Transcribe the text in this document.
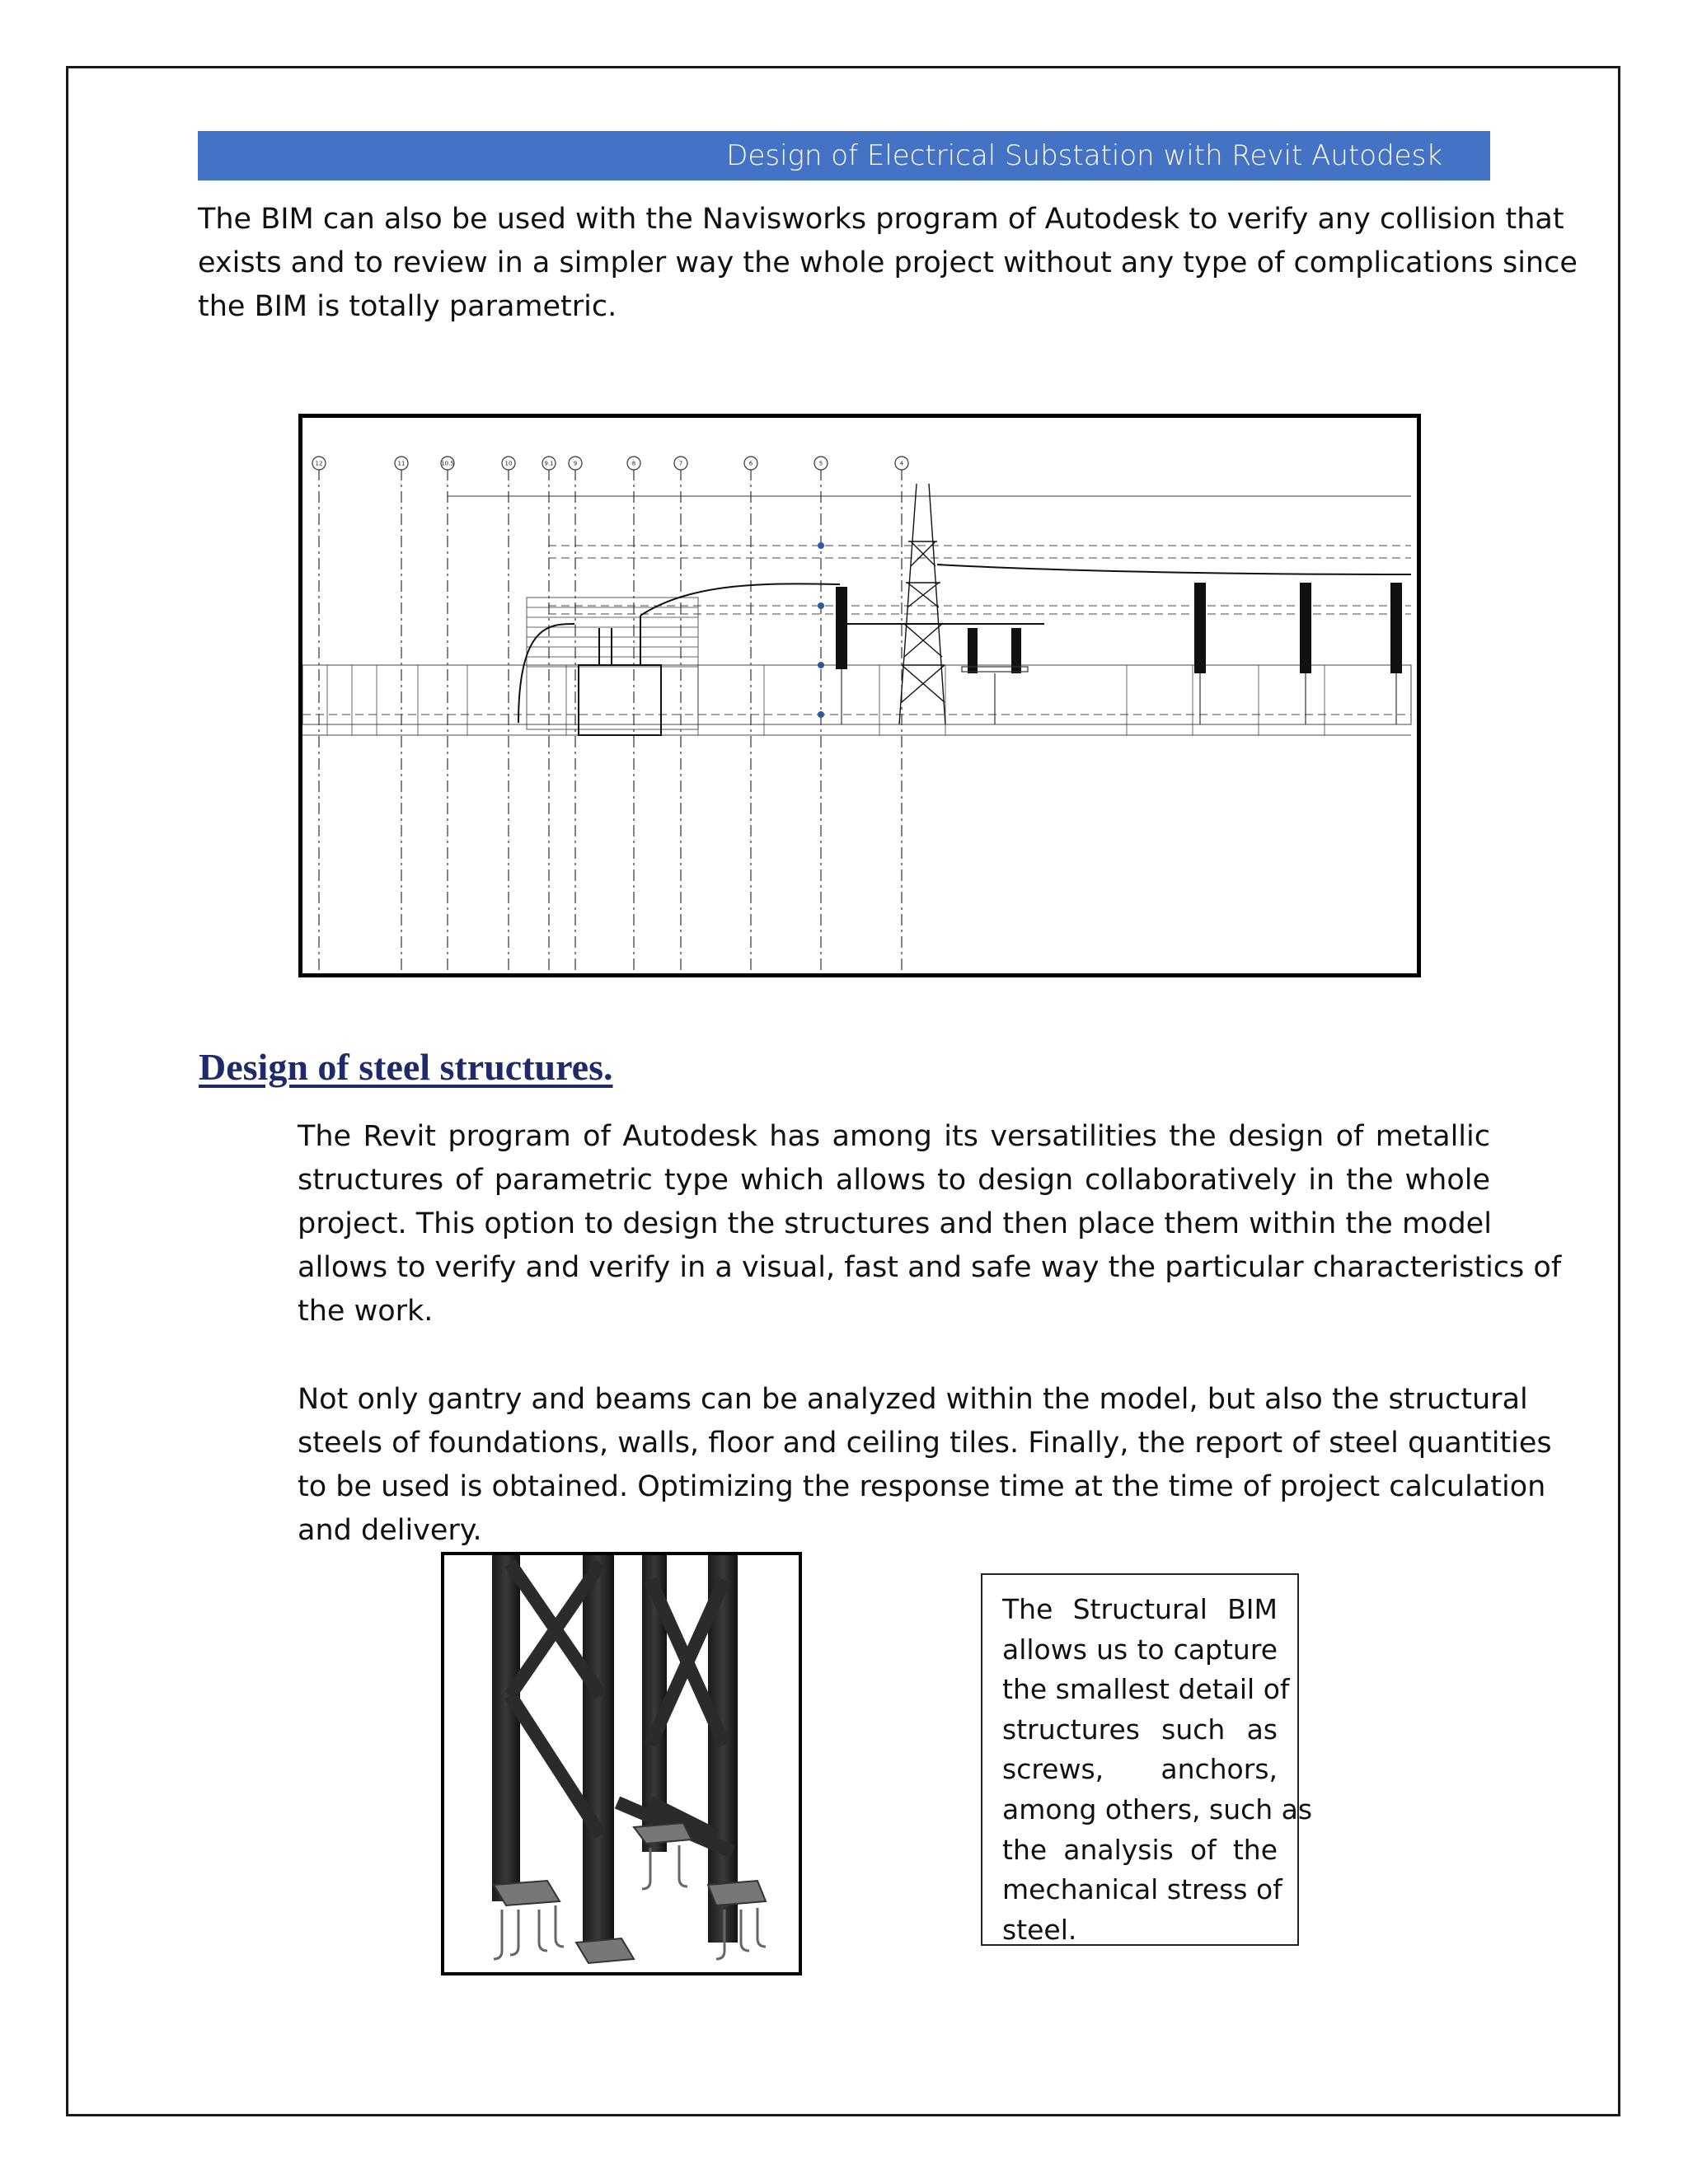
Design of Electrical Substation with Revit Autodesk
The BIM can also be used with the Navisworks program of Autodesk to verify any collision that
exists and to review in a simpler way the whole project without any type of complications since
the BIM is totally parametric.
12	11	10.5	10	9.1	9	8	7	6	5	4
Design of steel structures.
The Revit program of Autodesk has among its versatilities the design of metallic
structures of parametric type which allows to design collaboratively in the whole
project. This option to design the structures and then place them within the model
allows to verify and verify in a visual, fast and safe way the particular characteristics of
the work.
Not only gantry and beams can be analyzed within the model, but also the structural
steels of foundations, walls, floor and ceiling tiles. Finally, the report of steel quantities
to be used is obtained. Optimizing the response time at the time of project calculation
and delivery.
The Structural BIM
allows us to capture
the smallest detail of
structures such as
screws, anchors,
among others, such as
the analysis of the
mechanical stress of
steel.
